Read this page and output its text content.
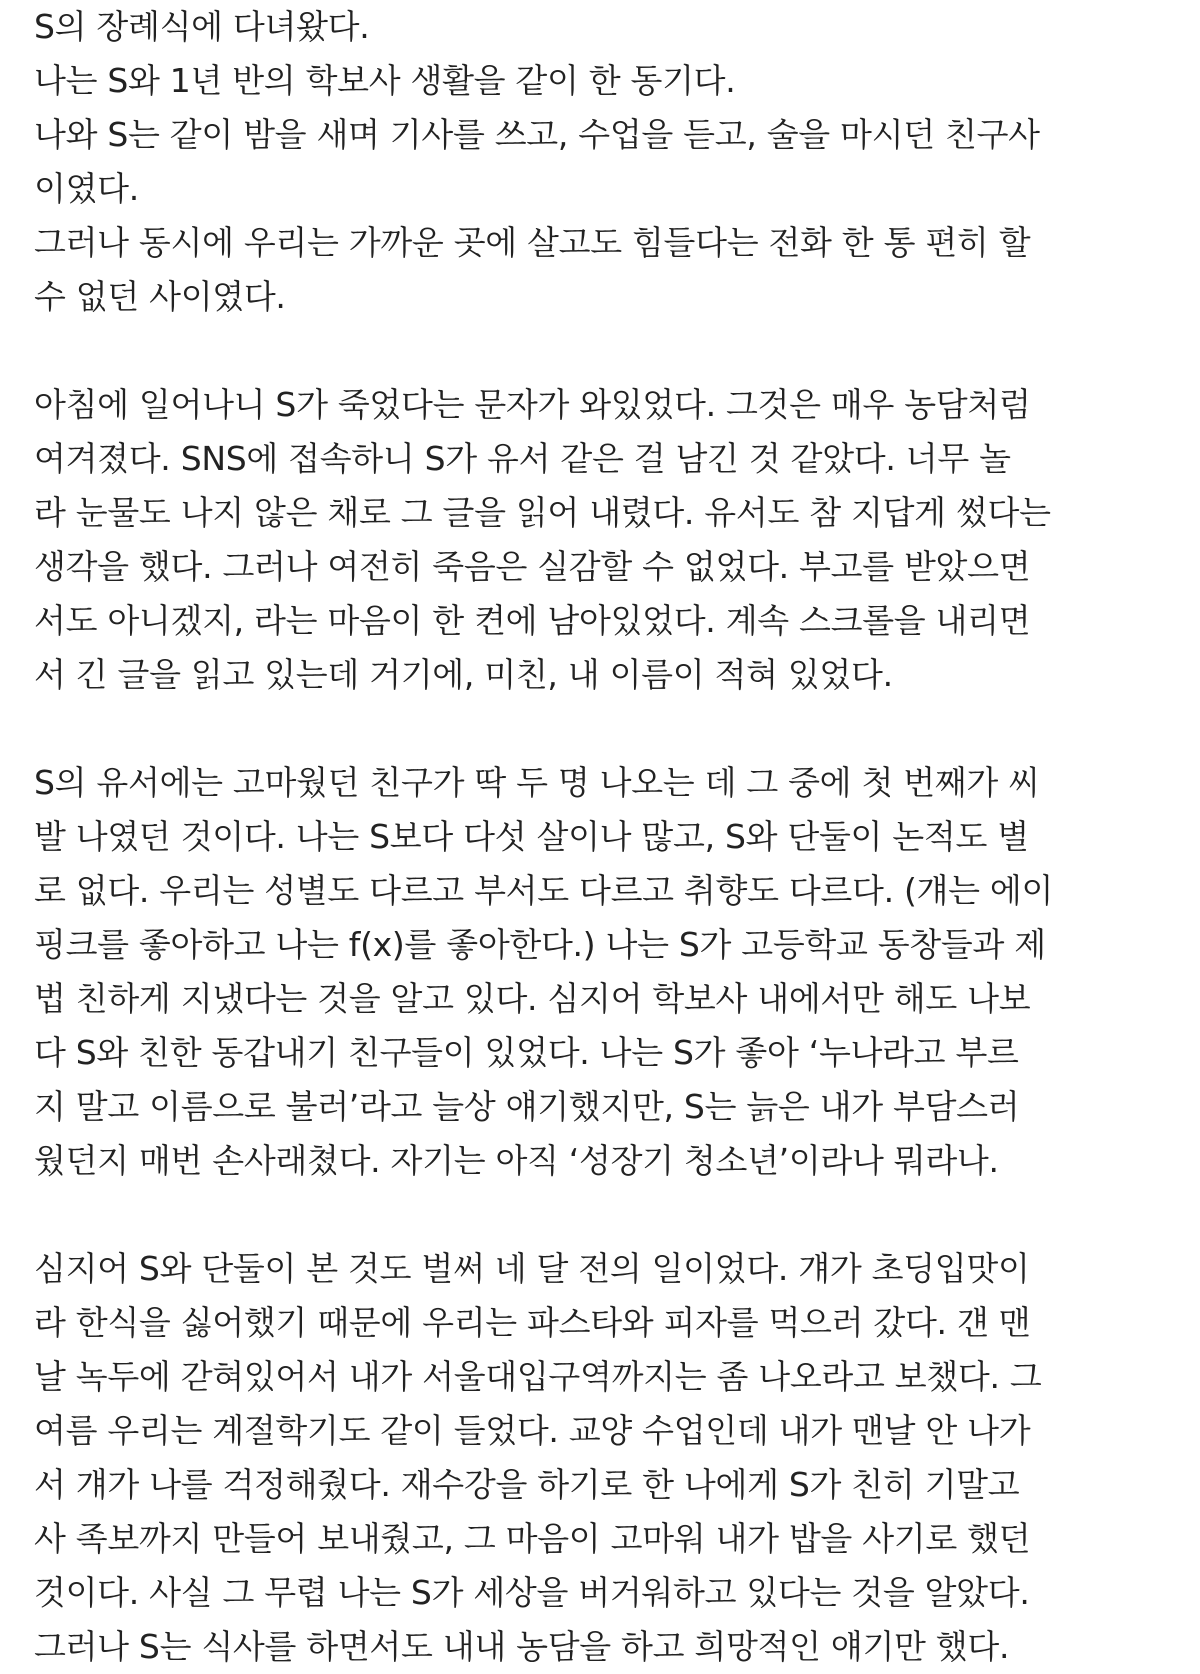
S의 장례식에 다녀왔다.
나는 S와 1년 반의 학보사 생활을 같이 한 동기다.
나와 S는 같이 밤을 새며 기사를 쓰고, 수업을 듣고, 술을 마시던 친구사
이였다.
그러나 동시에 우리는 가까운 곳에 살고도 힘들다는 전화 한 통 편히 할
수 없던 사이였다.
아침에 일어나니 S가 죽었다는 문자가 와있었다. 그것은 매우 농담처럼
여겨졌다. SNS에 접속하니 S가 유서 같은 걸 남긴 것 같았다. 너무 놀
라 눈물도 나지 않은 채로 그 글을 읽어 내렸다. 유서도 참 지답게 썼다는
생각을 했다. 그러나 여전히 죽음은 실감할 수 없었다. 부고를 받았으면
서도 아니겠지, 라는 마음이 한 켠에 남아있었다. 계속 스크롤을 내리면
서 긴 글을 읽고 있는데 거기에, 미친, 내 이름이 적혀 있었다.
S의 유서에는 고마웠던 친구가 딱 두 명 나오는 데 그 중에 첫 번째가 씨
발 나였던 것이다. 나는 S보다 다섯 살이나 많고, S와 단둘이 논적도 별
로 없다. 우리는 성별도 다르고 부서도 다르고 취향도 다르다. (걔는 에이
핑크를 좋아하고 나는 f(x)를 좋아한다.) 나는 S가 고등학교 동창들과 제
법 친하게 지냈다는 것을 알고 있다. 심지어 학보사 내에서만 해도 나보
다 S와 친한 동갑내기 친구들이 있었다. 나는 S가 좋아 ‘누나라고 부르
지 말고 이름으로 불러’라고 늘상 얘기했지만, S는 늙은 내가 부담스러
웠던지 매번 손사래쳤다. 자기는 아직 ‘성장기 청소년’이라나 뭐라나.
심지어 S와 단둘이 본 것도 벌써 네 달 전의 일이었다. 걔가 초딩입맛이
라 한식을 싫어했기 때문에 우리는 파스타와 피자를 먹으러 갔다. 걘 맨
날 녹두에 갇혀있어서 내가 서울대입구역까지는 좀 나오라고 보챘다. 그
여름 우리는 계절학기도 같이 들었다. 교양 수업인데 내가 맨날 안 나가
서 걔가 나를 걱정해줬다. 재수강을 하기로 한 나에게 S가 친히 기말고
사 족보까지 만들어 보내줬고, 그 마음이 고마워 내가 밥을 사기로 했던
것이다. 사실 그 무렵 나는 S가 세상을 버거워하고 있다는 것을 알았다.
그러나 S는 식사를 하면서도 내내 농담을 하고 희망적인 얘기만 했다.
